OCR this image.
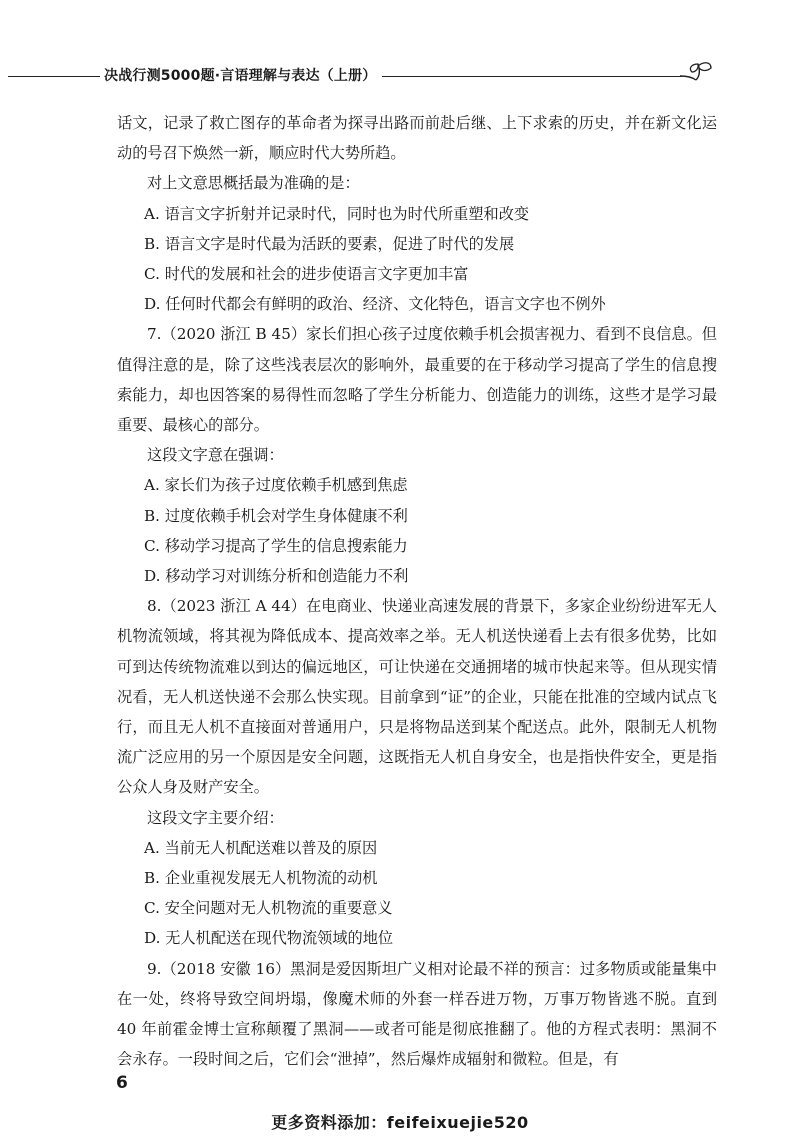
决战行测5000题·言语理解与表达（上册）

话文，记录了救亡图存的革命者为探寻出路而前赴后继、上下求索的历史，并在新文化运动的号召下焕然一新，顺应时代大势所趋。

对上文意思概括最为准确的是：

A. 语言文字折射并记录时代，同时也为时代所重塑和改变

B. 语言文字是时代最为活跃的要素，促进了时代的发展

C. 时代的发展和社会的进步使语言文字更加丰富

D. 任何时代都会有鲜明的政治、经济、文化特色，语言文字也不例外

7.（2020 浙江 B 45）家长们担心孩子过度依赖手机会损害视力、看到不良信息。但值得注意的是，除了这些浅表层次的影响外，最重要的在于移动学习提高了学生的信息搜索能力，却也因答案的易得性而忽略了学生分析能力、创造能力的训练，这些才是学习最重要、最核心的部分。

这段文字意在强调：

A. 家长们为孩子过度依赖手机感到焦虑

B. 过度依赖手机会对学生身体健康不利

C. 移动学习提高了学生的信息搜索能力

D. 移动学习对训练分析和创造能力不利

8.（2023 浙江 A 44）在电商业、快递业高速发展的背景下，多家企业纷纷进军无人机物流领域，将其视为降低成本、提高效率之举。无人机送快递看上去有很多优势，比如可到达传统物流难以到达的偏远地区，可让快递在交通拥堵的城市快起来等。但从现实情况看，无人机送快递不会那么快实现。目前拿到“证”的企业，只能在批准的空域内试点飞行，而且无人机不直接面对普通用户，只是将物品送到某个配送点。此外，限制无人机物流广泛应用的另一个原因是安全问题，这既指无人机自身安全，也是指快件安全，更是指公众人身及财产安全。

这段文字主要介绍：

A. 当前无人机配送难以普及的原因

B. 企业重视发展无人机物流的动机

C. 安全问题对无人机物流的重要意义

D. 无人机配送在现代物流领域的地位

9.（2018 安徽 16）黑洞是爱因斯坦广义相对论最不祥的预言：过多物质或能量集中在一处，终将导致空间坍塌，像魔术师的外套一样吞进万物，万事万物皆逃不脱。直到 40 年前霍金博士宣称颠覆了黑洞——或者可能是彻底推翻了。他的方程式表明：黑洞不会永存。一段时间之后，它们会“泄掉”，然后爆炸成辐射和微粒。但是，有

6
更多资料添加：feifeixuejie520
